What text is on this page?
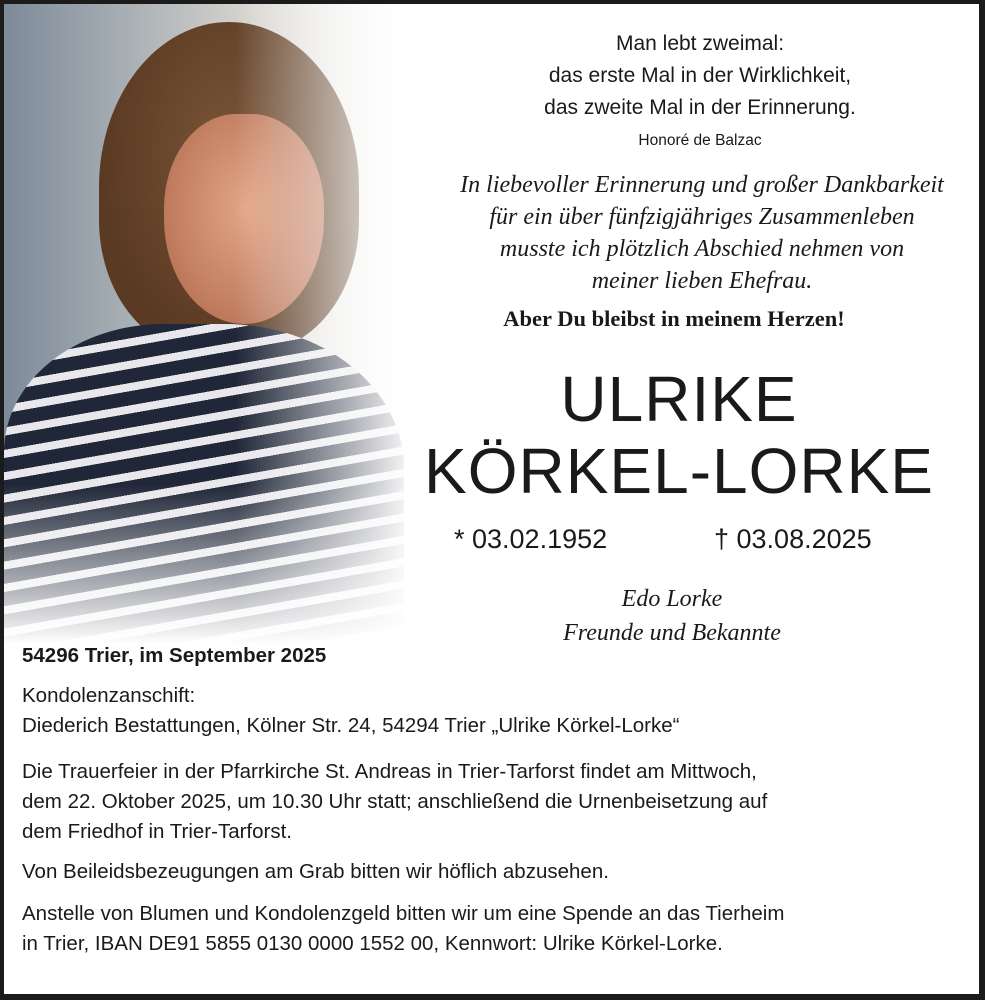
Man lebt zweimal:
das erste Mal in der Wirklichkeit,
das zweite Mal in der Erinnerung.
Honoré de Balzac
In liebevoller Erinnerung und großer Dankbarkeit
für ein über fünfzigjähriges Zusammenleben
musste ich plötzlich Abschied nehmen von
meiner lieben Ehefrau.
Aber Du bleibst in meinem Herzen!
ULRIKE
KÖRKEL-LORKE
* 03.02.1952	† 03.08.2025
Edo Lorke
Freunde und Bekannte
54296 Trier, im September 2025
Kondolenzanschift:
Diederich Bestattungen, Kölner Str. 24, 54294 Trier „Ulrike Körkel-Lorke“
Die Trauerfeier in der Pfarrkirche St. Andreas in Trier-Tarforst findet am Mittwoch,
dem 22. Oktober 2025, um 10.30 Uhr statt; anschließend die Urnenbeisetzung auf
dem Friedhof in Trier-Tarforst.
Von Beileidsbezeugungen am Grab bitten wir höflich abzusehen.
Anstelle von Blumen und Kondolenzgeld bitten wir um eine Spende an das Tierheim
in Trier, IBAN DE91 5855 0130 0000 1552 00, Kennwort: Ulrike Körkel-Lorke.
